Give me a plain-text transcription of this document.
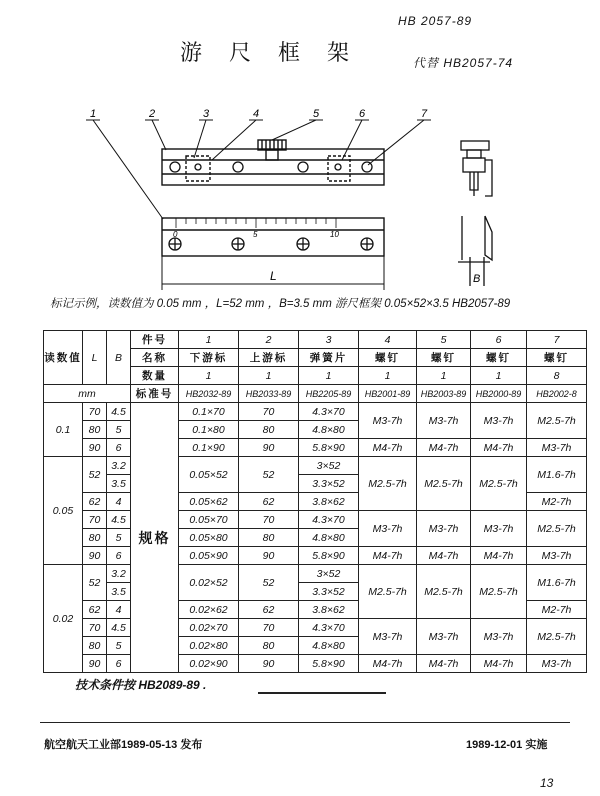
游 尺 框 架
HB 2057-89
代替 HB2057-74
1	2	3	4	5	6	7
0	5	10
L	B
标记示例，读数值为 0.05 mm ，L=52 mm ，B=3.5 mm 游尺框架 0.05×52×3.5 HB2057-89
读数值	L	B	件号	1	2	3	4	5	6	7
			名称	下游标	上游标	弹簧片	螺钉	螺钉	螺钉	螺钉
			数量	1	1	1	1	1	1	8
mm			标准号	HB2032-89	HB2033-89	HB2205-89	HB2001-89	HB2003-89	HB2000-89	HB2002-8
0.1	70	4.5	规格	0.1×70	70	4.3×70	M3-7h	M3-7h	M3-7h	M2.5-7h
	80	5		0.1×80	80	4.8×80				
	90	6		0.1×90	90	5.8×90	M4-7h	M4-7h	M4-7h	M3-7h
0.05	52	3.2		0.05×52	52	3×52	M2.5-7h	M2.5-7h	M2.5-7h	M1.6-7h
		3.5				3.3×52				
	62	4		0.05×62	62	3.8×62				M2-7h
	70	4.5		0.05×70	70	4.3×70	M3-7h	M3-7h	M3-7h	M2.5-7h
	80	5		0.05×80	80	4.8×80				
	90	6		0.05×90	90	5.8×90	M4-7h	M4-7h	M4-7h	M3-7h
0.02	52	3.2		0.02×52	52	3×52	M2.5-7h	M2.5-7h	M2.5-7h	M1.6-7h
		3.5				3.3×52				
	62	4		0.02×62	62	3.8×62				M2-7h
	70	4.5		0.02×70	70	4.3×70	M3-7h	M3-7h	M3-7h	M2.5-7h
	80	5		0.02×80	80	4.8×80				
	90	6		0.02×90	90	5.8×90	M4-7h	M4-7h	M4-7h	M3-7h
技术条件按 HB2089-89 .
航空航天工业部1989-05-13 发布	1989-12-01 实施
13
